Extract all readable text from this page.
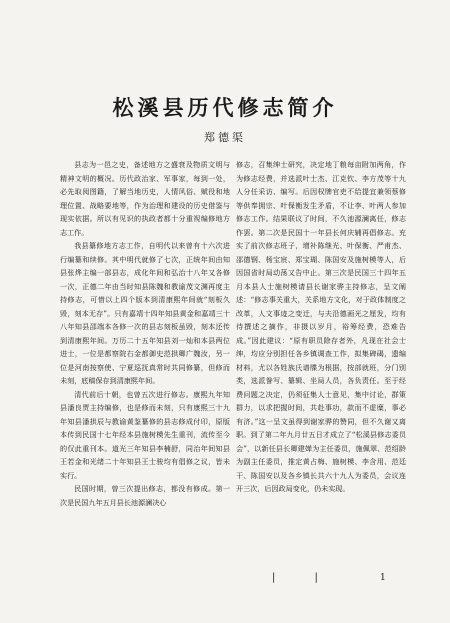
松溪县历代修志简介
郑德渠

县志为一邑之史，备述地方之盛衰及物质文明与精神文明的概况。历代政治家、军事家，每到一处，必先取阅图籍，了解当地历史，人情风俗、赋役和地理位置、战略要地等，作为治理和建设的历史借鉴与现实依据。所以有见识的执政者都十分重视编修地方志工作。

我县纂修地方志工作，自明代以来曾有十六次进行编纂和续修。其中明代就修了七次，正统年间由知县张烨主编一部县志，成化年间和弘治十八年又各修一次，正德二年由当时知县陈魏和教谕茂文渊再度主持修志，可惜以上四个版本到清康熙年间就“刻板久毁，刻本无存”。只有嘉靖十四年知县黄金和嘉靖三十八年知县邵端本各修一次的县志刻板虽毁，刻本还传到清康熙年间。万历二十五年知县刘一灿和本县两位进士，一位是都察院右金都御史范拱卿广魏汝，另一位是河南按察使、宁夏巡抚真常时共同修纂，但修而未刻，底稿保存到清康熙年间。

清代前后十朝，也曾五次进行修志。康熙九年知县潘良贾主持编修，也是修而未刻，只有康熙三十九年知县潘拱辰与教谕黄鉴纂修的县志修成付印，原版本传到民国十七年经本县施树模先生重刊，流传至今的仅此重刊本。道光三年知县李楠舒，同治年间知县王若金和光绪二十年知县王士骏均有倡修之议，皆未实行。

民国时期，曾三次提出修志，都没有修成。第一次是民国九年五月县长池源澜决心

修志，召集绅士研究，决定地丁粮每亩附加两角，作为修志经费，并选派叶士杰、江克钦、李方茂等十九人分任采访、编写。后因权牌官吏不给提宜兼领蔡修等供奉拥宗、叶保衡发生矛盾，不让李、叶两人参加修志工作。结果联议了时间，不久池源澜离任，修志作罢。第二次是民国十一年县长何庆辅再倡修志。充实了前次修志班子，增补陈继光、叶保衡、严甫杰、邵德钢、杨宝宸、郑宝瑚、陈国安及施树模等人，后因国省时局动荡又告中止。第三次是民国三十四年五月本县人士施树模请县长谢家骅主持修志，呈文阐述：“修志事关重大，关系地方文化，对于政体制度之改革，人文事迹之变迁，与夫沿德画光之厘发，均有待撰述之摘作，非摄以岁月，裕筹经费，恐难告成。”因此建议：“原有职员除存者外，凡现在社会士绅，均应分别担任各乡镇调查工作，拟集碑碣，遗编材料，尤以各姓族氏谱牒为根据，按部就班，分门别类，选派誊写、纂辑、坐局人员，各负责任。至于经费问题之决定，仍须征集人士意见，集中讨论，群策群力，以求把握时间，共赴事功，款而不虚糜，事必有济。”这一呈文虽得到谢家骅的赞同，但不久谢又离职。到了第二年九月廿五日才成立了“松溪县修志委员会”，以新任县长卿建婵为主任委员，施佩翠、范绍龄为副主任委员，推定黄占梅、施树模、李含用、范廷干、陈国安以及各乡镇长共六十九人为委员，会议连开三次，后因政局变化，仍未实现。

| |	1
